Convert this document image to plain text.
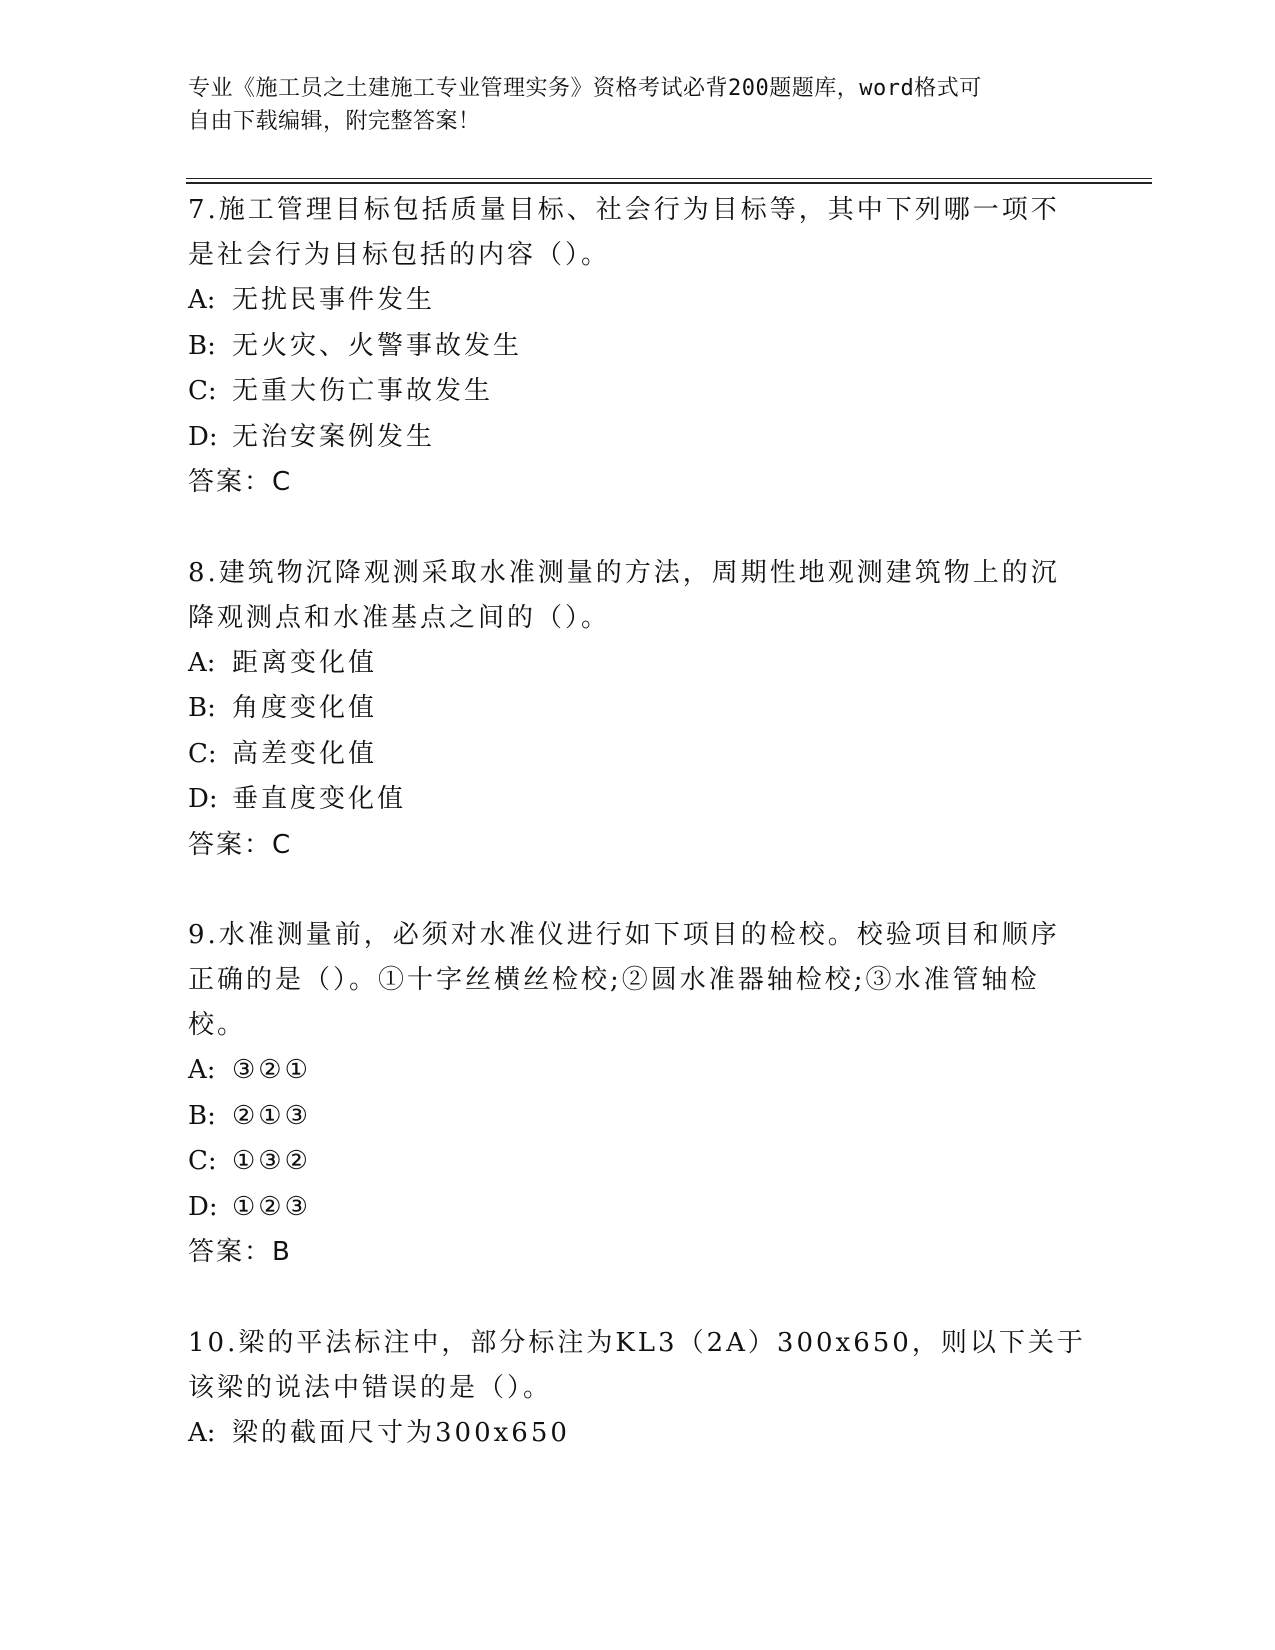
专业《施工员之土建施工专业管理实务》资格考试必背200题题库，word格式可
自由下载编辑，附完整答案！
7.施工管理目标包括质量目标、社会行为目标等，其中下列哪一项不是社会行为目标包括的内容（）。
A: 无扰民事件发生
B: 无火灾、火警事故发生
C: 无重大伤亡事故发生
D: 无治安案例发生
答案：C
8.建筑物沉降观测采取水准测量的方法，周期性地观测建筑物上的沉降观测点和水准基点之间的（）。
A: 距离变化值
B: 角度变化值
C: 高差变化值
D: 垂直度变化值
答案：C
9.水准测量前，必须对水准仪进行如下项目的检校。校验项目和顺序正确的是（）。①十字丝横丝检校;②圆水准器轴检校;③水准管轴检校。
A: ③②①
B: ②①③
C: ①③②
D: ①②③
答案：B
10.梁的平法标注中，部分标注为KL3（2A）300x650，则以下关于该梁的说法中错误的是（）。
A: 梁的截面尺寸为300x650
